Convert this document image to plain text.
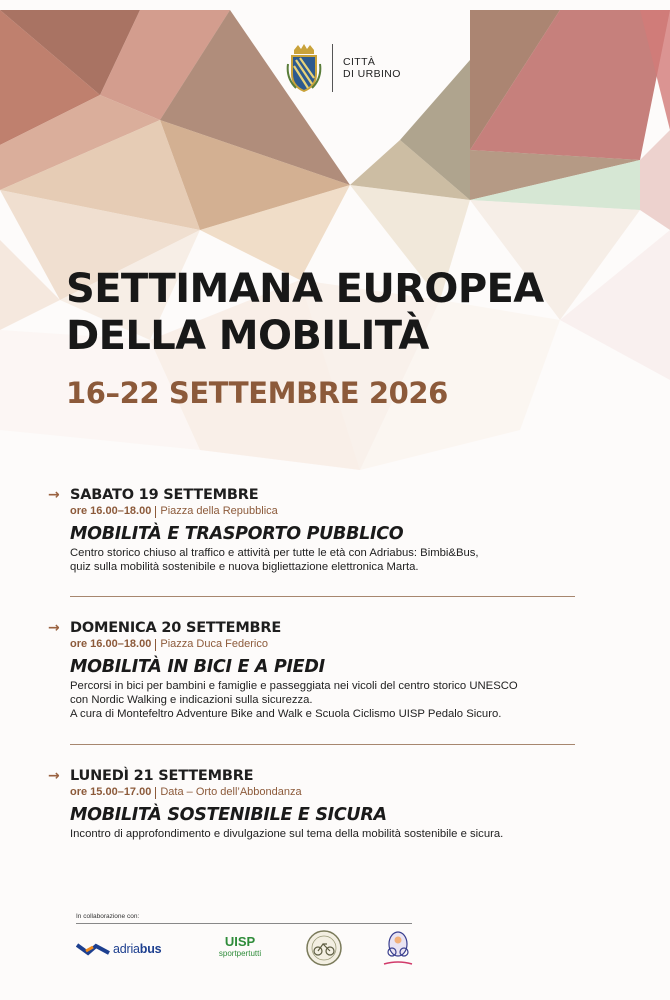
CITTÀ
DI URBINO
SETTIMANA EUROPEA
DELLA MOBILITÀ
16–22 SETTEMBRE 2026
→ SABATO 19 SETTEMBRE
ore 16.00–18.00 Piazza della Repubblica
MOBILITÀ E TRASPORTO PUBBLICO
Centro storico chiuso al traffico e attività per tutte le età con Adriabus: Bimbi&Bus,
quiz sulla mobilità sostenibile e nuova bigliettazione elettronica Marta.
→ DOMENICA 20 SETTEMBRE
ore 16.00–18.00 Piazza Duca Federico
MOBILITÀ IN BICI E A PIEDI
Percorsi in bici per bambini e famiglie e passeggiata nei vicoli del centro storico UNESCO
con Nordic Walking e indicazioni sulla sicurezza.
A cura di Montefeltro Adventure Bike and Walk e Scuola Ciclismo UISP Pedalo Sicuro.
→ LUNEDÌ 21 SETTEMBRE
ore 15.00–17.00 Data – Orto dell’Abbondanza
MOBILITÀ SOSTENIBILE E SICURA
Incontro di approfondimento e divulgazione sul tema della mobilità sostenibile e sicura.
In collaborazione con:
adriabus	UISP
sportpertutti
